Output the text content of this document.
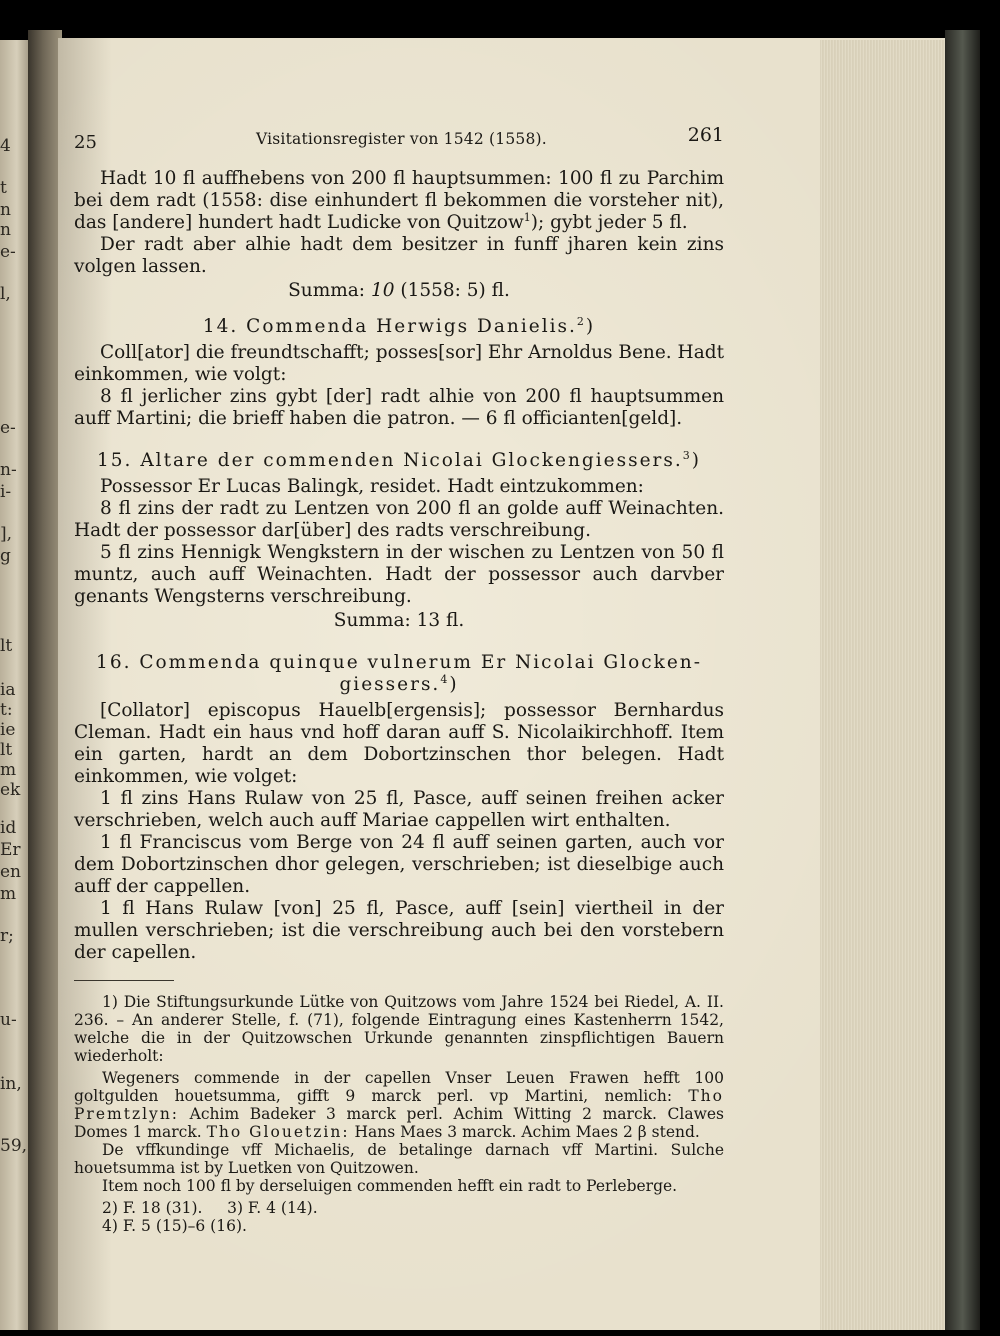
4
t
n
n
e-
l,
e-
n-
i-
],
g
lt
ia
t:
ie
lt
m
ek
id
Er
en
m
r;
u-
in,
59,
25	Visitationsregister von 1542 (1558).	261

Hadt 10 fl auffhebens von 200 fl hauptsummen: 100 fl zu Parchim bei dem radt (1558: dise einhundert fl bekommen die vorsteher nit), das [andere] hundert hadt Ludicke von Quitzow$^1$); gybt jeder 5 fl.

Der radt aber alhie hadt dem besitzer in funff jharen kein zins volgen lassen.

Summa: 10 (1558: 5) fl.

14. Commenda Herwigs Danielis.$^2$)

Coll[ator] die freundtschafft; posses[sor] Ehr Arnoldus Bene. Hadt einkommen, wie volgt:

8 fl jerlicher zins gybt [der] radt alhie von 200 fl hauptsummen auff Martini; die brieff haben die patron. — 6 fl officianten[geld].

15. Altare der commenden Nicolai Glockengiessers.$^3$)

Possessor Er Lucas Balingk, residet. Hadt eintzukommen:

8 fl zins der radt zu Lentzen von 200 fl an golde auff Weinachten. Hadt der possessor dar[über] des radts verschreibung.

5 fl zins Hennigk Wengkstern in der wischen zu Lentzen von 50 fl muntz, auch auff Weinachten. Hadt der possessor auch darvber genants Wengsterns verschreibung.

Summa: 13 fl.

16. Commenda quinque vulnerum Er Nicolai Glocken-

giessers.$^4$)

[Collator] episcopus Hauelb[ergensis]; possessor Bernhardus Cleman. Hadt ein haus vnd hoff daran auff S. Nicolaikirchhoff. Item ein garten, hardt an dem Dobortzinschen thor belegen. Hadt einkommen, wie volget:

1 fl zins Hans Rulaw von 25 fl, Pasce, auff seinen freihen acker verschrieben, welch auch auff Mariae cappellen wirt enthalten.

1 fl Franciscus vom Berge von 24 fl auff seinen garten, auch vor dem Dobortzinschen dhor gelegen, verschrieben; ist dieselbige auch auff der cappellen.

1 fl Hans Rulaw [von] 25 fl, Pasce, auff [sein] viertheil in der mullen verschrieben; ist die verschreibung auch bei den vorstebern der capellen.

1) Die Stiftungsurkunde Lütke von Quitzows vom Jahre 1524 bei Riedel, A. II. 236. – An anderer Stelle, f. (71), folgende Eintragung eines Kastenherrn 1542, welche die in der Quitzowschen Urkunde genannten zinspflichtigen Bauern wiederholt:

Wegeners commende in der capellen Vnser Leuen Frawen hefft 100 goltgulden houetsumma, gifft 9 marck perl. vp Martini, nemlich: Tho Premtzlyn: Achim Badeker 3 marck perl. Achim Witting 2 marck. Clawes Domes 1 marck. Tho Glouetzin: Hans Maes 3 marck. Achim Maes 2 β stend.

De vffkundinge vff Michaelis, de betalinge darnach vff Martini. Sulche houetsumma ist by Luetken von Quitzowen.

Item noch 100 fl by derseluigen commenden hefft ein radt to Perleberge.

2) F. 18 (31). 3) F. 4 (14).

4) F. 5 (15)–6 (16).
